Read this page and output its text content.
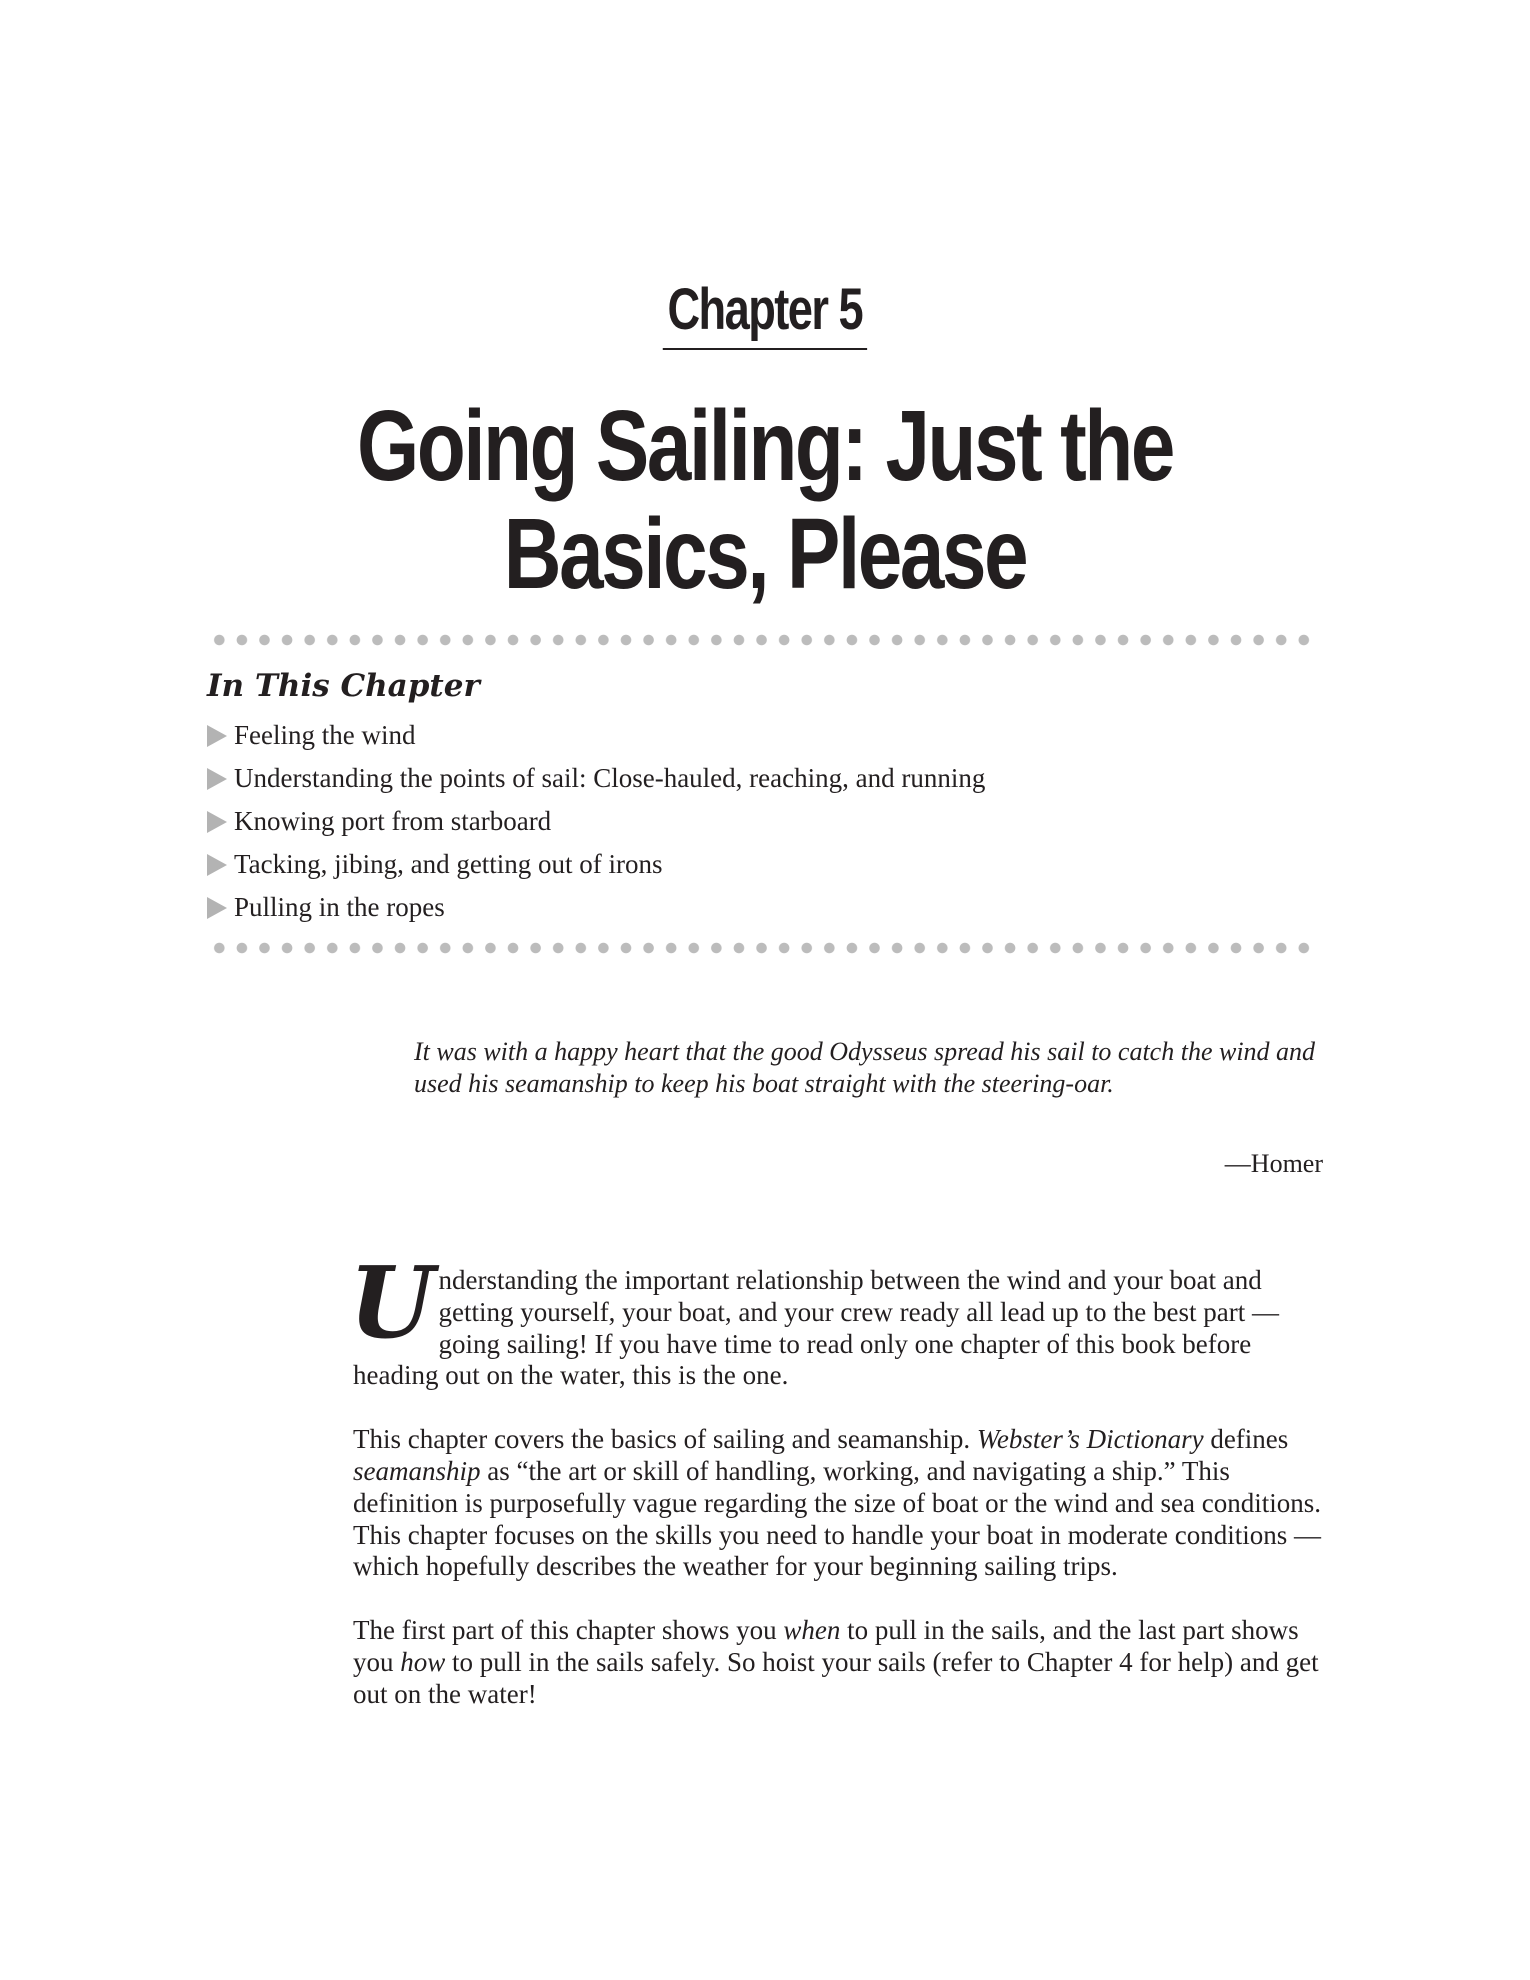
Chapter 5
Going Sailing: Just the
Basics, Please
In This Chapter
Feeling the wind
Understanding the points of sail: Close-hauled, reaching, and running
Knowing port from starboard
Tacking, jibing, and getting out of irons
Pulling in the ropes

It was with a happy heart that the good Odysseus spread his sail to catch the wind and used his seamanship to keep his boat straight with the steering-oar.

—Homer

Understanding the important relationship between the wind and your boat and getting yourself, your boat, and your crew ready all lead up to the best part — going sailing! If you have time to read only one chapter of this book before heading out on the water, this is the one.

This chapter covers the basics of sailing and seamanship. Webster’s Dictionary defines seamanship as “the art or skill of handling, working, and navigating a ship.” This definition is purposefully vague regarding the size of boat or the wind and sea conditions. This chapter focuses on the skills you need to handle your boat in moderate conditions — which hopefully describes the weather for your beginning sailing trips.

The first part of this chapter shows you when to pull in the sails, and the last part shows you how to pull in the sails safely. So hoist your sails (refer to Chapter 4 for help) and get out on the water!
